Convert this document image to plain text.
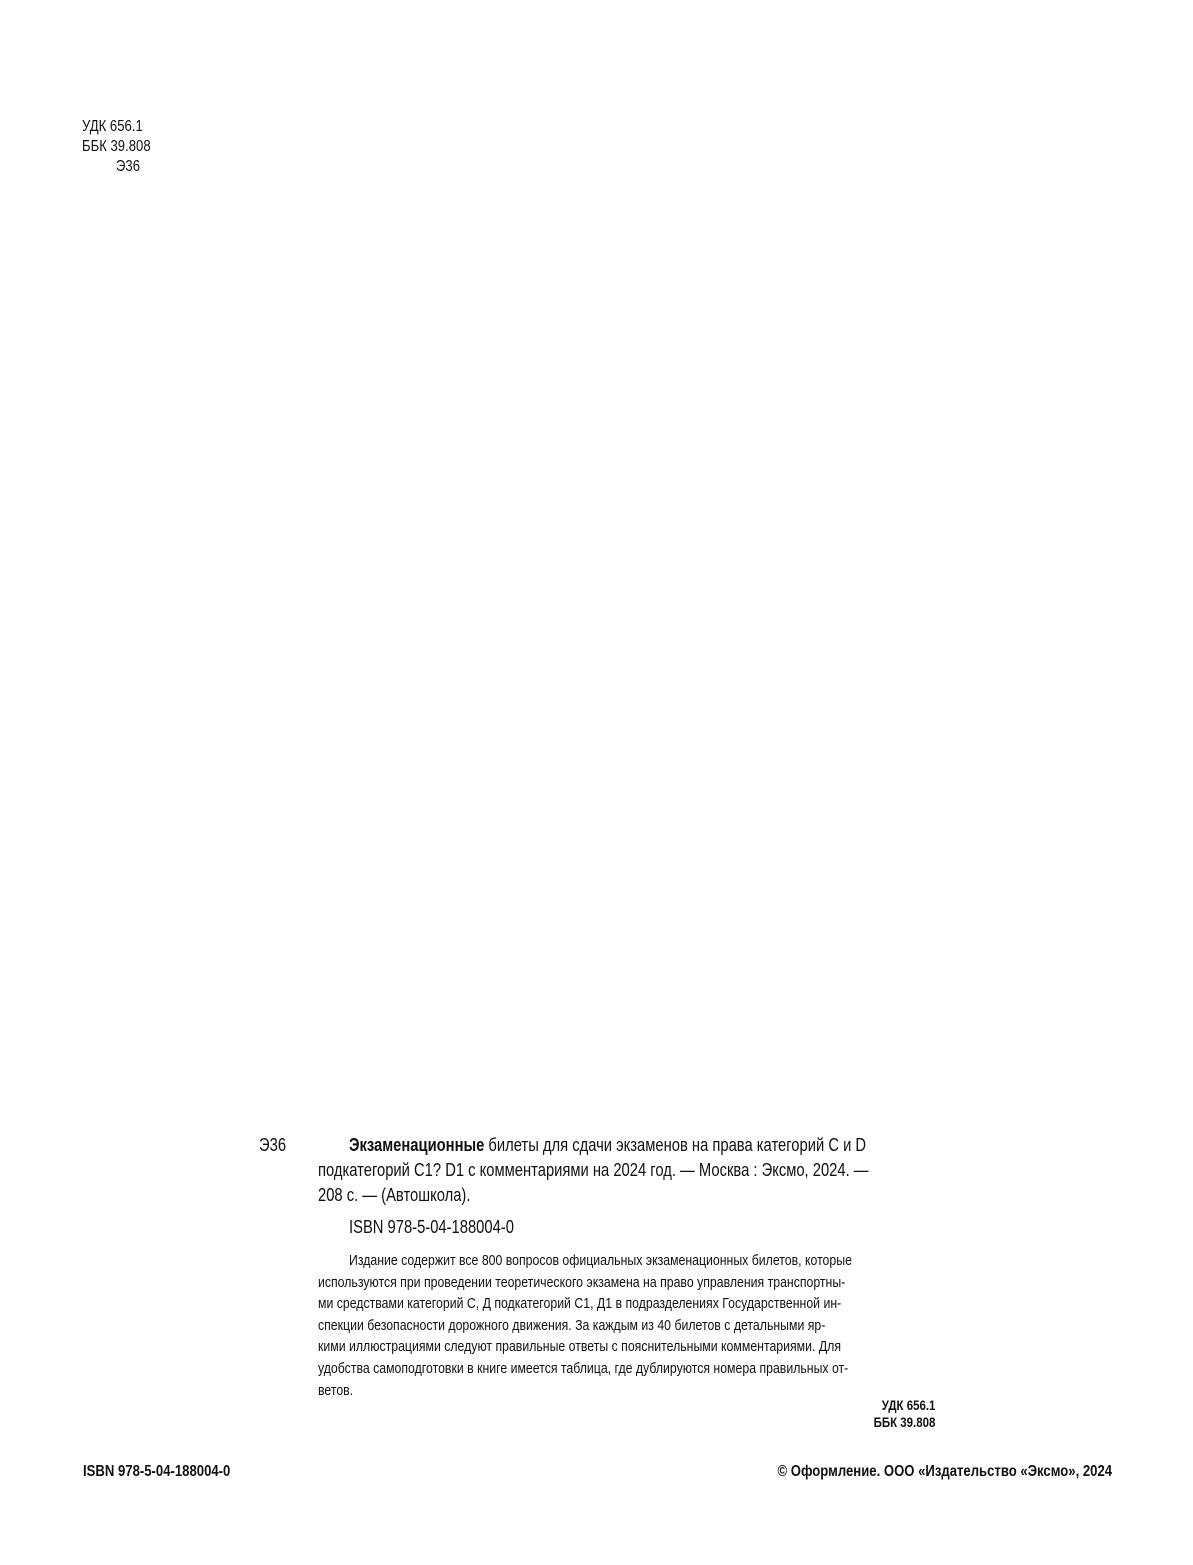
УДК 656.1
ББК 39.808
Э36
Э36	Экзаменационные билеты для сдачи экзаменов на права категорий С и D
подкатегорий С1? D1 с комментариями на 2024 год. — Москва : Эксмо, 2024. —
208 с. — (Автошкола).
ISBN 978-5-04-188004-0
Издание содержит все 800 вопросов официальных экзаменационных билетов, которые
используются при проведении теоретического экзамена на право управления транспортны-
ми средствами категорий С, Д подкатегорий С1, Д1 в подразделениях Государственной ин-
спекции безопасности дорожного движения. За каждым из 40 билетов с детальными яр-
кими иллюстрациями следуют правильные ответы с пояснительными комментариями. Для
удобства самоподготовки в книге имеется таблица, где дублируются номера правильных от-
ветов.
УДК 656.1
ББК 39.808
ISBN 978-5-04-188004-0	© Оформление. ООО «Издательство «Эксмо», 2024
